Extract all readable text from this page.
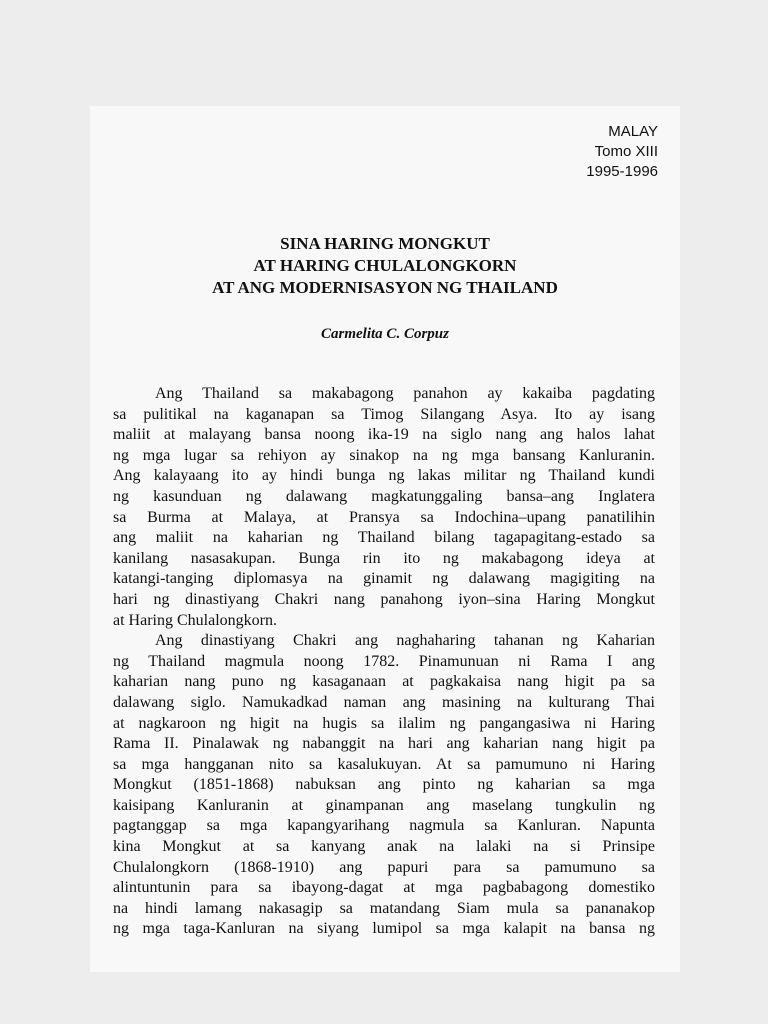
MALAY
Tomo XIII
1995-1996
SINA HARING MONGKUT
AT HARING CHULALONGKORN
AT ANG MODERNISASYON NG THAILAND
Carmelita C. Corpuz
Ang Thailand sa makabagong panahon ay kakaiba pagdating
sa pulitikal na kaganapan sa Timog Silangang Asya. Ito ay isang
maliit at malayang bansa noong ika-19 na siglo nang ang halos lahat
ng mga lugar sa rehiyon ay sinakop na ng mga bansang Kanluranin.
Ang kalayaang ito ay hindi bunga ng lakas militar ng Thailand kundi
ng kasunduan ng dalawang magkatunggaling bansa–ang Inglatera
sa Burma at Malaya, at Pransya sa Indochina–upang panatilihin
ang maliit na kaharian ng Thailand bilang tagapagitang-estado sa
kanilang nasasakupan. Bunga rin ito ng makabagong ideya at
katangi-tanging diplomasya na ginamit ng dalawang magigiting na
hari ng dinastiyang Chakri nang panahong iyon–sina Haring Mongkut
at Haring Chulalongkorn.
Ang dinastiyang Chakri ang naghaharing tahanan ng Kaharian
ng Thailand magmula noong 1782. Pinamunuan ni Rama I ang
kaharian nang puno ng kasaganaan at pagkakaisa nang higit pa sa
dalawang siglo. Namukadkad naman ang masining na kulturang Thai
at nagkaroon ng higit na hugis sa ilalim ng pangangasiwa ni Haring
Rama II. Pinalawak ng nabanggit na hari ang kaharian nang higit pa
sa mga hangganan nito sa kasalukuyan. At sa pamumuno ni Haring
Mongkut (1851-1868) nabuksan ang pinto ng kaharian sa mga
kaisipang Kanluranin at ginampanan ang maselang tungkulin ng
pagtanggap sa mga kapangyarihang nagmula sa Kanluran. Napunta
kina Mongkut at sa kanyang anak na lalaki na si Prinsipe
Chulalongkorn (1868-1910) ang papuri para sa pamumuno sa
alintuntunin para sa ibayong-dagat at mga pagbabagong domestiko
na hindi lamang nakasagip sa matandang Siam mula sa pananakop
ng mga taga-Kanluran na siyang lumipol sa mga kalapit na bansa ng
